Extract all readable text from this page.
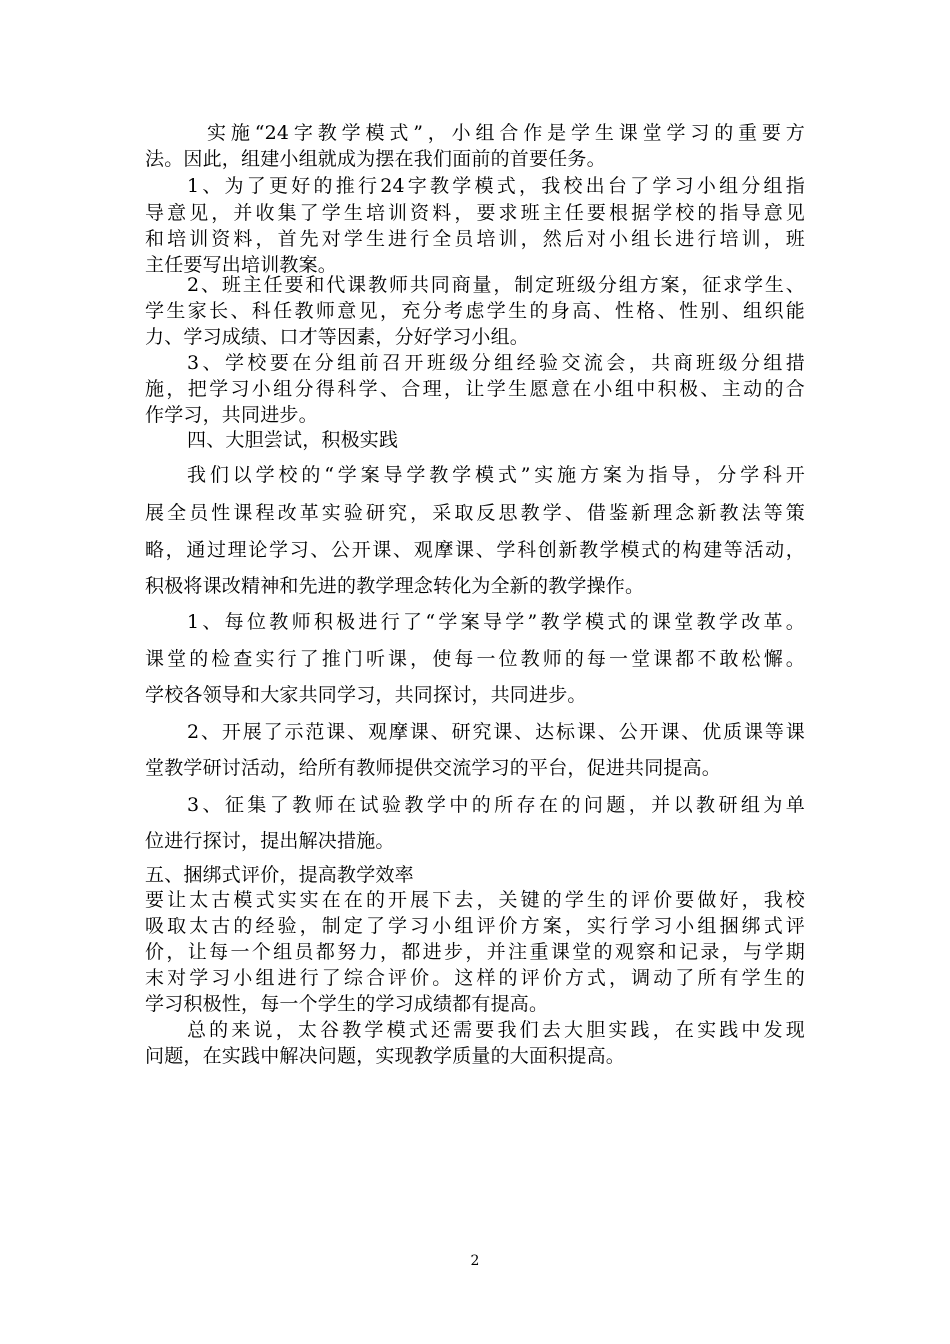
实施“24字教学模式”，小组合作是学生课堂学习的重要方
法。因此，组建小组就成为摆在我们面前的首要任务。
1、为了更好的推行24字教学模式，我校出台了学习小组分组指
导意见，并收集了学生培训资料，要求班主任要根据学校的指导意见
和培训资料，首先对学生进行全员培训，然后对小组长进行培训，班
主任要写出培训教案。
2、班主任要和代课教师共同商量，制定班级分组方案，征求学生、
学生家长、科任教师意见，充分考虑学生的身高、性格、性别、组织能
力、学习成绩、口才等因素，分好学习小组。
3、学校要在分组前召开班级分组经验交流会，共商班级分组措
施，把学习小组分得科学、合理，让学生愿意在小组中积极、主动的合
作学习，共同进步。
四、大胆尝试，积极实践
我们以学校的“学案导学教学模式”实施方案为指导，分学科开
展全员性课程改革实验研究，采取反思教学、借鉴新理念新教法等策
略，通过理论学习、公开课、观摩课、学科创新教学模式的构建等活动，
积极将课改精神和先进的教学理念转化为全新的教学操作。
1、每位教师积极进行了“学案导学”教学模式的课堂教学改革。
课堂的检查实行了推门听课，使每一位教师的每一堂课都不敢松懈。
学校各领导和大家共同学习，共同探讨，共同进步。
2、开展了示范课、观摩课、研究课、达标课、公开课、优质课等课
堂教学研讨活动，给所有教师提供交流学习的平台，促进共同提高。
3、征集了教师在试验教学中的所存在的问题，并以教研组为单
位进行探讨，提出解决措施。
五、捆绑式评价，提高教学效率
要让太古模式实实在在的开展下去，关键的学生的评价要做好，我校
吸取太古的经验，制定了学习小组评价方案，实行学习小组捆绑式评
价，让每一个组员都努力，都进步，并注重课堂的观察和记录，与学期
末对学习小组进行了综合评价。这样的评价方式，调动了所有学生的
学习积极性，每一个学生的学习成绩都有提高。
总的来说，太谷教学模式还需要我们去大胆实践，在实践中发现
问题，在实践中解决问题，实现教学质量的大面积提高。
2
